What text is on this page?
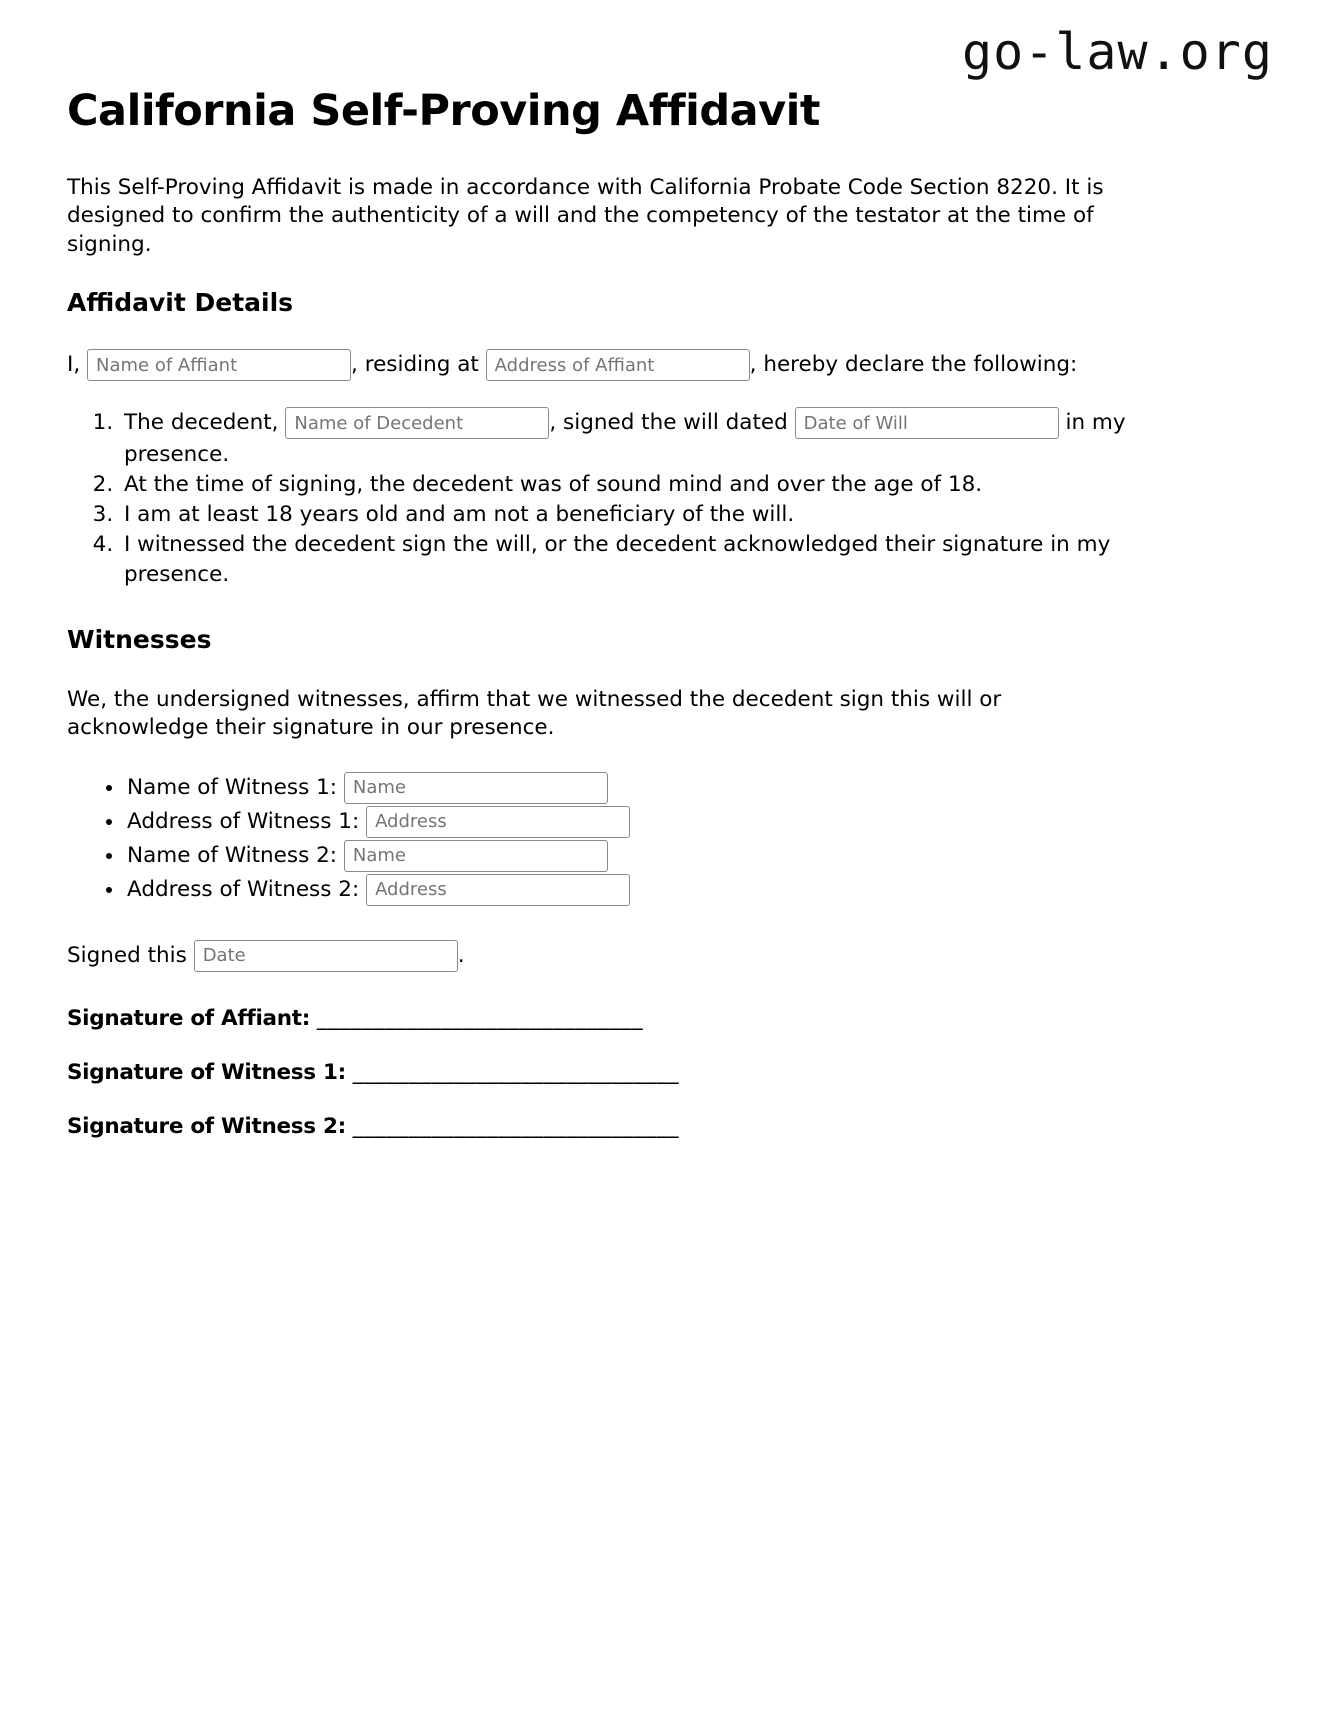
go-law.org
California Self-Proving Affidavit

This Self-Proving Affidavit is made in accordance with California Probate Code Section 8220. It is designed to confirm the authenticity of a will and the competency of the testator at the time of signing.

Affidavit Details
I, Name of Affiant	, residing at Address of Affiant	, hereby declare the following:
1. The decedent, Name of Decedent	, signed the will dated Date of Will	in my presence.
2. At the time of signing, the decedent was of sound mind and over the age of 18.
3. I am at least 18 years old and am not a beneficiary of the will.
4. I witnessed the decedent sign the will, or the decedent acknowledged their signature in my presence.
Witnesses

We, the undersigned witnesses, affirm that we witnessed the decedent sign this will or acknowledge their signature in our presence.

• Name of Witness 1: Name
• Address of Witness 1: Address
• Name of Witness 2: Name
• Address of Witness 2: Address
Signed this Date	.

Signature of Affiant: _____________________________

Signature of Witness 1: _____________________________

Signature of Witness 2: _____________________________
